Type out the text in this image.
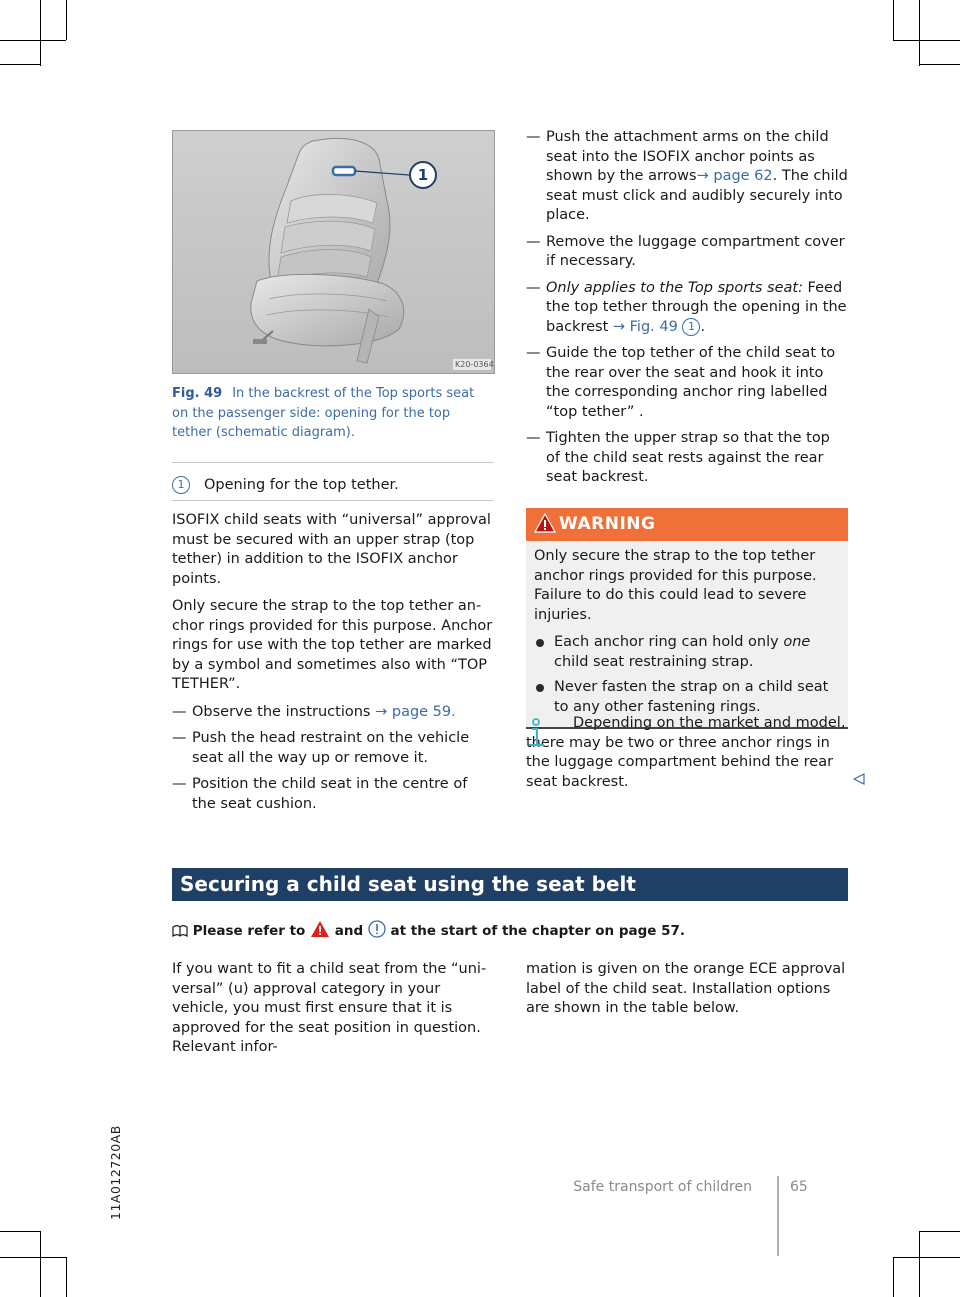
1
K20-0364
Fig. 49 In the backrest of the Top sports seat on the passenger side: opening for the top tether (schematic diagram).
1 Opening for the top tether.

ISOFIX child seats with “universal” approval must be secured with an upper strap (top tether) in addition to the ISOFIX anchor points.

Only secure the strap to the top tether anchor rings provided for this purpose. Anchor rings for use with the top tether are marked by a symbol and sometimes also with “TOP TETHER”.

— Observe the instructions → page 59.
— Push the head restraint on the vehicle seat all the way up or remove it.
— Position the child seat in the centre of the seat cushion.
— Push the attachment arms on the child seat into the ISOFIX anchor points as shown by the arrows→ page 62. The child seat must click and audibly securely into place.
— Remove the luggage compartment cover if necessary.
— Only applies to the Top sports seat: Feed the top tether through the opening in the backrest → Fig. 49 1 .
— Guide the top tether of the child seat to the rear over the seat and hook it into the corresponding anchor ring labelled “top tether” .
— Tighten the upper strap so that the top of the child seat rests against the rear seat backrest.
WARNING
Only secure the strap to the top tether anchor rings provided for this purpose. Failure to do this could lead to severe injuries.
Each anchor ring can hold only one child seat restraining strap.
Never fasten the strap on a child seat to any other fastening rings.
Depending on the market and model, there may be two or three anchor rings in the luggage compartment behind the rear seat backrest.
Securing a child seat using the seat belt
Please refer to and at the start of the chapter on page 57.

If you want to fit a child seat from the “universal” (u) approval category in your vehicle, you must first ensure that it is approved for the seat position in question. Relevant infor-

mation is given on the orange ECE approval label of the child seat. Installation options are shown in the table below.

11A012720AB	Safe transport of children	65
